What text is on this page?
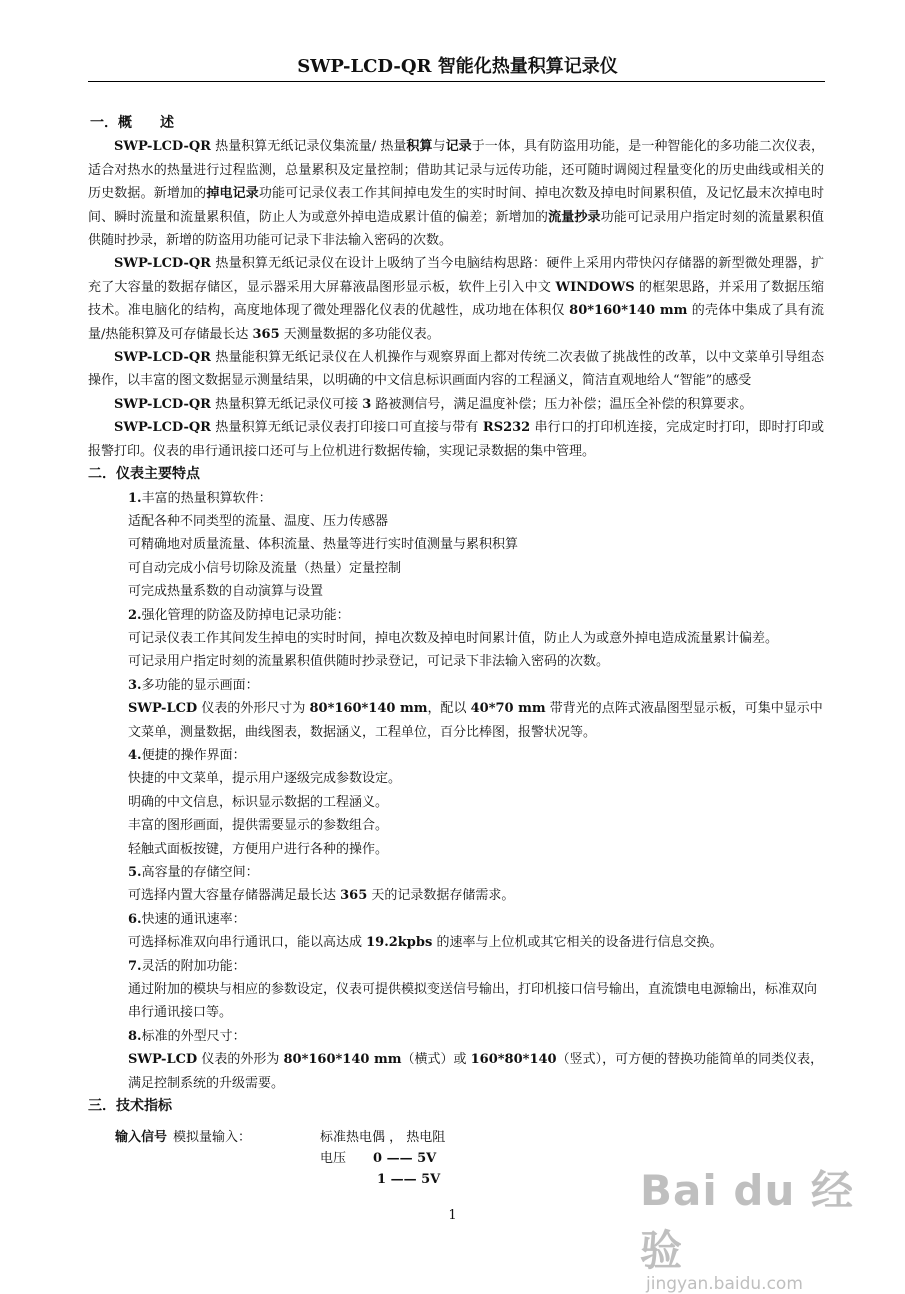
SWP-LCD-QR 智能化热量积算记录仪
一．概　　述

SWP-LCD-QR 热量积算无纸记录仪集流量/ 热量积算与记录于一体，具有防盗用功能，是一种智能化的多功能二次仪表，适合对热水的热量进行过程监测，总量累积及定量控制；借助其记录与远传功能，还可随时调阅过程量变化的历史曲线或相关的历史数据。新增加的掉电记录功能可记录仪表工作其间掉电发生的实时时间、掉电次数及掉电时间累积值，及记忆最末次掉电时间、瞬时流量和流量累积值，防止人为或意外掉电造成累计值的偏差；新增加的流量抄录功能可记录用户指定时刻的流量累积值供随时抄录，新增的防盗用功能可记录下非法输入密码的次数。

SWP-LCD-QR 热量积算无纸记录仪在设计上吸纳了当今电脑结构思路：硬件上采用内带快闪存储器的新型微处理器，扩充了大容量的数据存储区，显示器采用大屏幕液晶图形显示板，软件上引入中文 WINDOWS 的框架思路，并采用了数据压缩技术。准电脑化的结构，高度地体现了微处理器化仪表的优越性，成功地在体积仅 80*160*140 mm 的壳体中集成了具有流量/热能积算及可存储最长达 365 天测量数据的多功能仪表。

SWP-LCD-QR 热量能积算无纸记录仪在人机操作与观察界面上都对传统二次表做了挑战性的改革，以中文菜单引导组态操作，以丰富的图文数据显示测量结果，以明确的中文信息标识画面内容的工程涵义，简洁直观地给人“智能”的感受

SWP-LCD-QR 热量积算无纸记录仪可接 3 路被测信号，满足温度补偿；压力补偿；温压全补偿的积算要求。

SWP-LCD-QR 热量积算无纸记录仪表打印接口可直接与带有 RS232 串行口的打印机连接，完成定时打印，即时打印或报警打印。仪表的串行通讯接口还可与上位机进行数据传输，实现记录数据的集中管理。

二．仪表主要特点

1.丰富的热量积算软件：

适配各种不同类型的流量、温度、压力传感器

可精确地对质量流量、体积流量、热量等进行实时值测量与累积积算

可自动完成小信号切除及流量（热量）定量控制

可完成热量系数的自动演算与设置

2.强化管理的防盗及防掉电记录功能：

可记录仪表工作其间发生掉电的实时时间，掉电次数及掉电时间累计值，防止人为或意外掉电造成流量累计偏差。

可记录用户指定时刻的流量累积值供随时抄录登记，可记录下非法输入密码的次数。

3.多功能的显示画面：

SWP-LCD 仪表的外形尺寸为 80*160*140 mm，配以 40*70 mm 带背光的点阵式液晶图型显示板，可集中显示中文菜单，测量数据，曲线图表，数据涵义，工程单位，百分比棒图，报警状况等。

4.便捷的操作界面：

快捷的中文菜单，提示用户逐级完成参数设定。

明确的中文信息，标识显示数据的工程涵义。

丰富的图形画面，提供需要显示的参数组合。

轻触式面板按键，方便用户进行各种的操作。

5.高容量的存储空间：

可选择内置大容量存储器满足最长达 365 天的记录数据存储需求。

6.快速的通讯速率：

可选择标准双向串行通讯口，能以高达成 19.2kpbs 的速率与上位机或其它相关的设备进行信息交换。

7.灵活的附加功能：

通过附加的模块与相应的参数设定，仪表可提供模拟变送信号输出，打印机接口信号输出，直流馈电电源输出，标准双向串行通讯接口等。

8.标准的外型尺寸：

SWP-LCD 仪表的外形为 80*160*140 mm（横式）或 160*80*140（竖式），可方便的替换功能简单的同类仪表，满足控制系统的升级需要。

三．技术指标
输入信号 模拟量输入：	标准热电偶 ， 热电阻
电压 0 —— 5V
1 —— 5V
1
Bai du 经验
jingyan.baidu.com
